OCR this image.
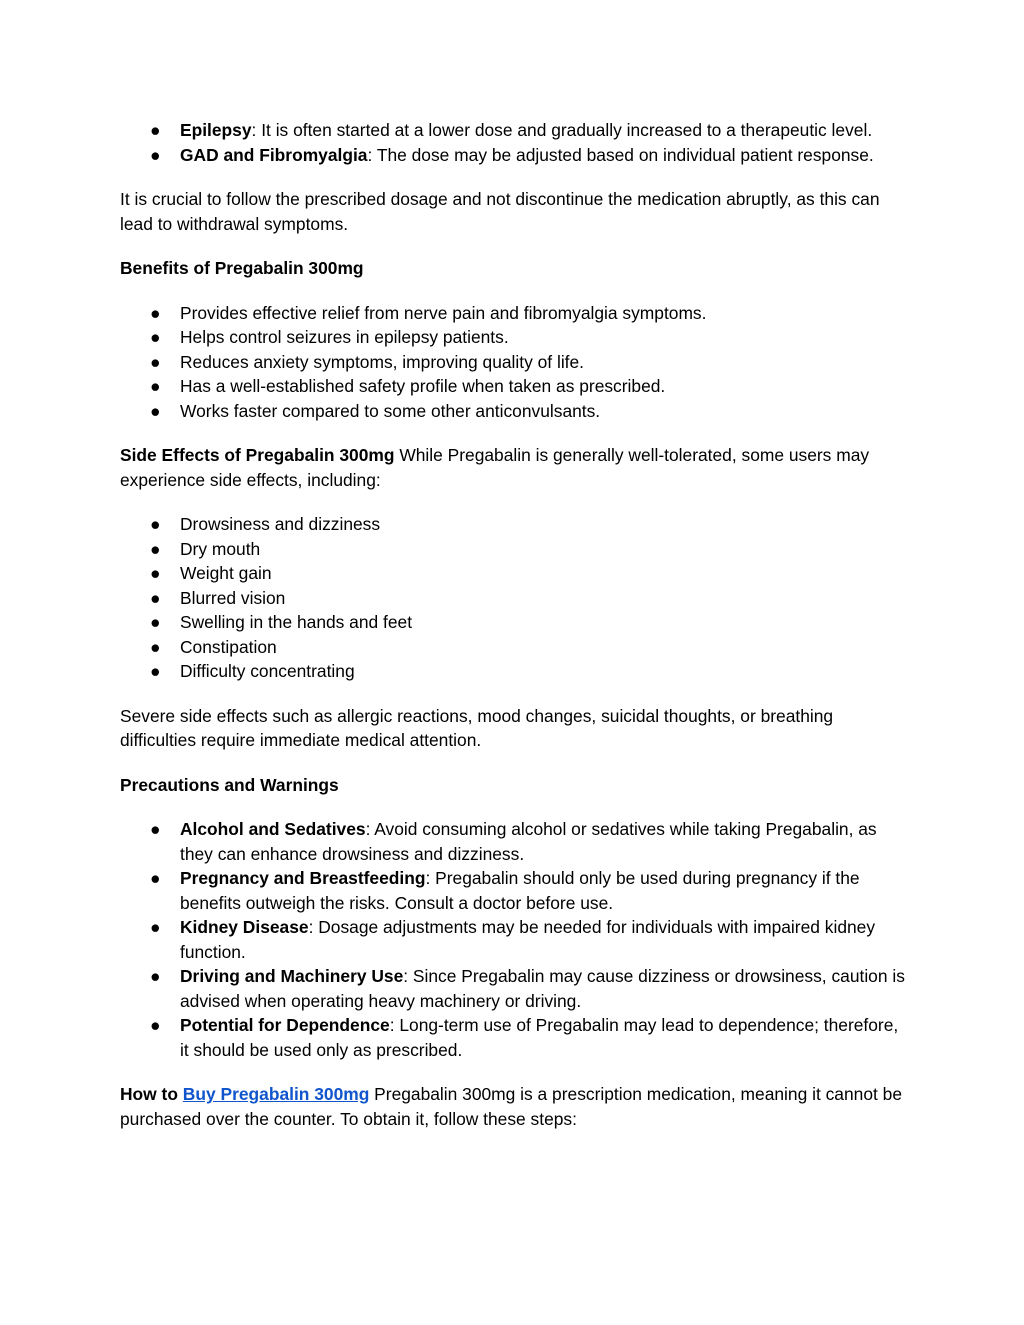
● Epilepsy: It is often started at a lower dose and gradually increased to a therapeutic level.
● GAD and Fibromyalgia: The dose may be adjusted based on individual patient response.

It is crucial to follow the prescribed dosage and not discontinue the medication abruptly, as this can lead to withdrawal symptoms.

Benefits of Pregabalin 300mg

● Provides effective relief from nerve pain and fibromyalgia symptoms.
● Helps control seizures in epilepsy patients.
● Reduces anxiety symptoms, improving quality of life.
● Has a well-established safety profile when taken as prescribed.
● Works faster compared to some other anticonvulsants.

Side Effects of Pregabalin 300mg While Pregabalin is generally well-tolerated, some users may experience side effects, including:

● Drowsiness and dizziness
● Dry mouth
● Weight gain
● Blurred vision
● Swelling in the hands and feet
● Constipation
● Difficulty concentrating

Severe side effects such as allergic reactions, mood changes, suicidal thoughts, or breathing difficulties require immediate medical attention.

Precautions and Warnings

● Alcohol and Sedatives: Avoid consuming alcohol or sedatives while taking Pregabalin, as they can enhance drowsiness and dizziness.
● Pregnancy and Breastfeeding: Pregabalin should only be used during pregnancy if the benefits outweigh the risks. Consult a doctor before use.
● Kidney Disease: Dosage adjustments may be needed for individuals with impaired kidney function.
● Driving and Machinery Use: Since Pregabalin may cause dizziness or drowsiness, caution is advised when operating heavy machinery or driving.
● Potential for Dependence: Long-term use of Pregabalin may lead to dependence; therefore, it should be used only as prescribed.

How to Buy Pregabalin 300mg Pregabalin 300mg is a prescription medication, meaning it cannot be purchased over the counter. To obtain it, follow these steps:
